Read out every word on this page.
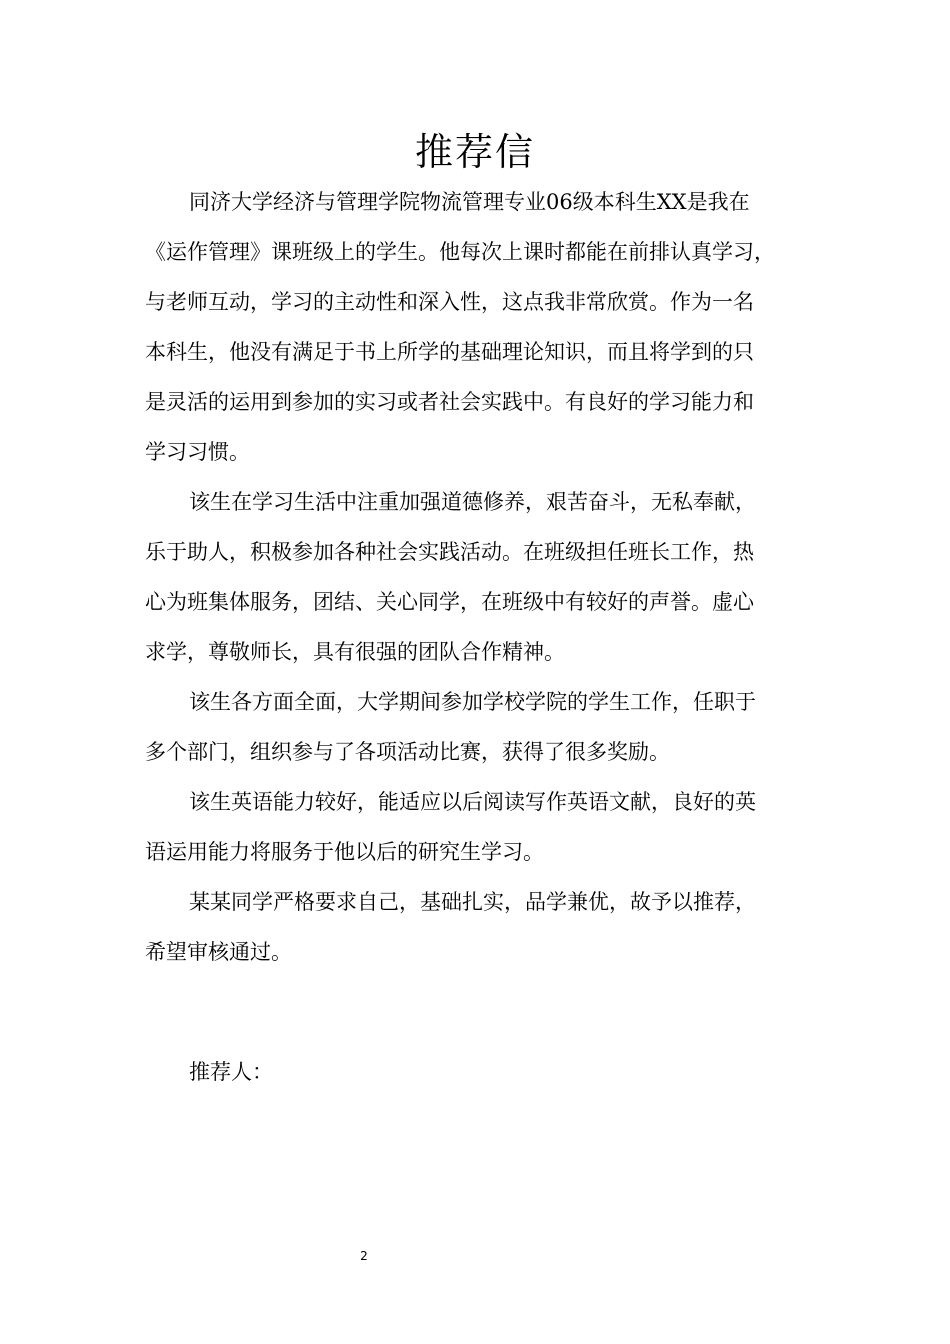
推荐信

同济大学经济与管理学院物流管理专业06级本科生XX是我在
《运作管理》课班级上的学生。他每次上课时都能在前排认真学习，
与老师互动，学习的主动性和深入性，这点我非常欣赏。作为一名
本科生，他没有满足于书上所学的基础理论知识，而且将学到的只
是灵活的运用到参加的实习或者社会实践中。有良好的学习能力和
学习习惯。

该生在学习生活中注重加强道德修养，艰苦奋斗，无私奉献，
乐于助人，积极参加各种社会实践活动。在班级担任班长工作，热
心为班集体服务，团结、关心同学，在班级中有较好的声誉。虚心
求学，尊敬师长，具有很强的团队合作精神。

该生各方面全面，大学期间参加学校学院的学生工作，任职于
多个部门，组织参与了各项活动比赛，获得了很多奖励。

该生英语能力较好，能适应以后阅读写作英语文献，良好的英
语运用能力将服务于他以后的研究生学习。

某某同学严格要求自己，基础扎实，品学兼优，故予以推荐，
希望审核通过。

推荐人：
2
